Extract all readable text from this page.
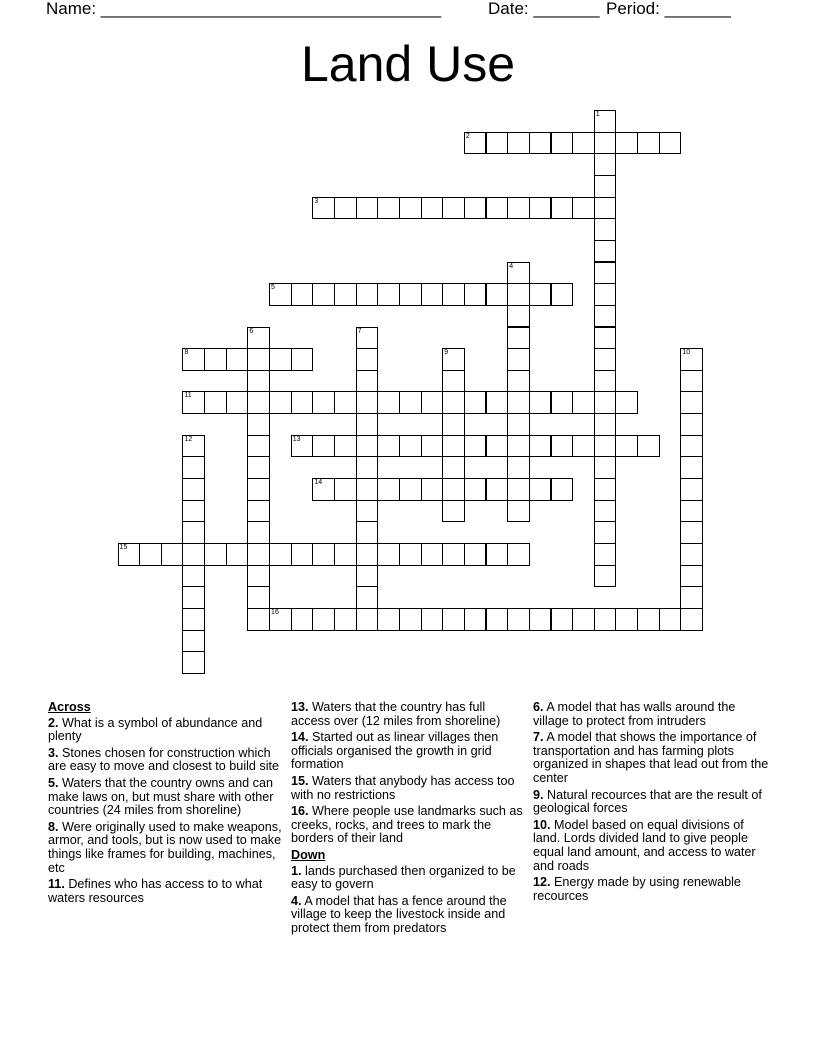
Name: ____________________________________	Date: _______ Period: _______
Land Use
1
2
3
4
5
6	7
8	9	10
11
12	13
14
15
16
Across
2. What is a symbol of abundance and plenty
3. Stones chosen for construction which are easy to move and closest to build site
5. Waters that the country owns and can make laws on, but must share with other countries (24 miles from shoreline)
8. Were originally used to make weapons, armor, and tools, but is now used to make things like frames for building, machines, etc
11. Defines who has access to to what waters resources
13. Waters that the country has full access over (12 miles from shoreline)
14. Started out as linear villages then officials organised the growth in grid formation
15. Waters that anybody has access too with no restrictions
16. Where people use landmarks such as creeks, rocks, and trees to mark the borders of their land
Down
1. lands purchased then organized to be easy to govern
4. A model that has a fence around the village to keep the livestock inside and protect them from predators
6. A model that has walls around the village to protect from intruders
7. A model that shows the importance of transportation and has farming plots organized in shapes that lead out from the center
9. Natural recources that are the result of geological forces
10. Model based on equal divisions of land. Lords divided land to give people equal land amount, and access to water and roads
12. Energy made by using renewable recources
